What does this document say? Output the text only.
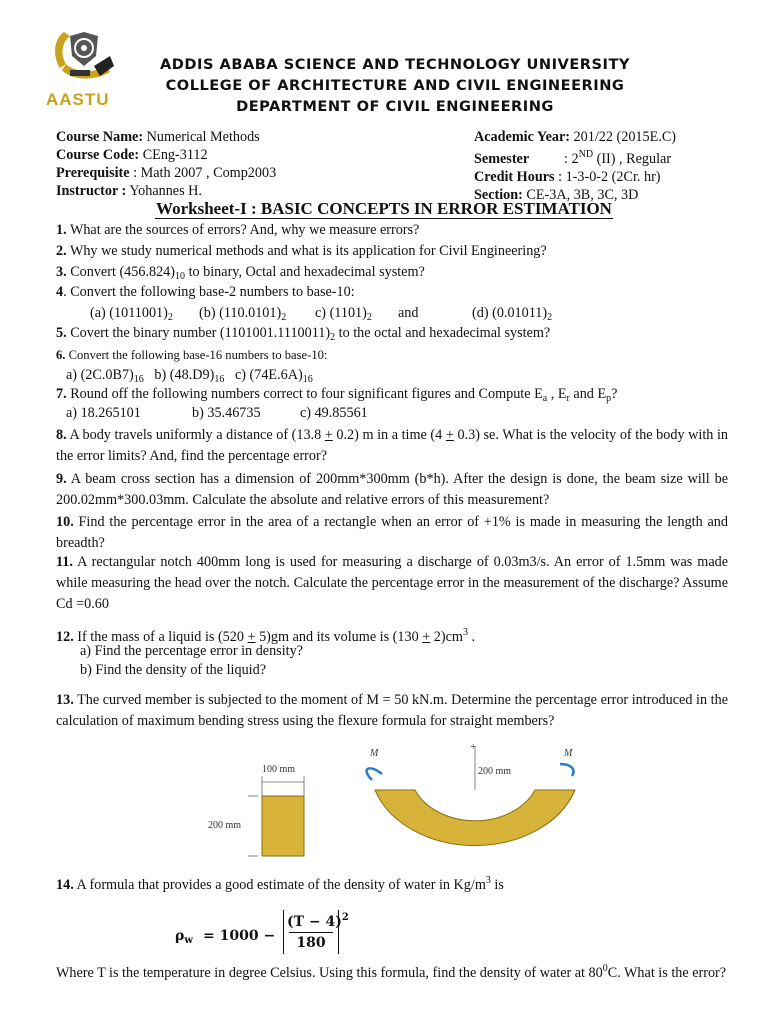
AASTU
ADDIS ABABA SCIENCE AND TECHNOLOGY UNIVERSITY
COLLEGE OF ARCHITECTURE AND CIVIL ENGINEERING
DEPARTMENT OF CIVIL ENGINEERING
Course Name: Numerical Methods
Course Code: CEng-3112
Prerequisite : Math 2007 , Comp2003
Instructor : Yohannes H.
Academic Year: 201/22 (2015E.C)
Semester : 2ND (II) , Regular
Credit Hours : 1-3-0-2 (2Cr. hr)
Section: CE-3A, 3B, 3C, 3D
Worksheet-I : BASIC CONCEPTS IN ERROR ESTIMATION
1. What are the sources of errors? And, why we measure errors?
2. Why we study numerical methods and what is its application for Civil Engineering?
3. Convert $(456.824)_{10}$ to binary, Octal and hexadecimal system?
4. Convert the following base-2 numbers to base-10:
(a) $(1011001)_2$ (b) $(110.0101)_2$ c) $(1101)_2$ and	(d) $(0.01011)_2$
5. Covert the binary number $(1101001.1110011)_2$ to the octal and hexadecimal system?
6. Convert the following base-16 numbers to base-10:
a) $(2C.0B7)_{16}$ b) $(48.D9)_{16}$ c) $(74E.6A)_{16}$
7. Round off the following numbers correct to four significant figures and Compute $E_a$ , $E_r$ and $E_p$?
a) 18.265101	b) 35.46735	c) 49.85561
8. A body travels uniformly a distance of (13.8 + 0.2) m in a time (4 + 0.3) se. What is the velocity of the body with in the error limits? And, find the percentage error?
9. A beam cross section has a dimension of 200mm*300mm (b*h). After the design is done, the beam size will be 200.02mm*300.03mm. Calculate the absolute and relative errors of this measurement?
10. Find the percentage error in the area of a rectangle when an error of +1% is made in measuring the length and breadth?
11. A rectangular notch 400mm long is used for measuring a discharge of 0.03m3/s. An error of 1.5mm was made while measuring the head over the notch. Calculate the percentage error in the measurement of the discharge? Assume Cd =0.60
12. If the mass of a liquid is (520 + 5)gm and its volume is $(130 + 2)cm^3$ .
a) Find the percentage error in density?
b) Find the density of the liquid?
13. The curved member is subjected to the moment of M = 50 kN.m. Determine the percentage error introduced in the calculation of maximum bending stress using the flexure formula for straight members?
100 mm
200 mm
+
200 mm
M	M
14. A formula that provides a good estimate of the density of water in $Kg/m^3$ is
$\rho_w = 1000$ −
$(T - 4)^2$
180
Where T is the temperature in degree Celsius. Using this formula, find the density of water at $80^0C$. What is the error?
